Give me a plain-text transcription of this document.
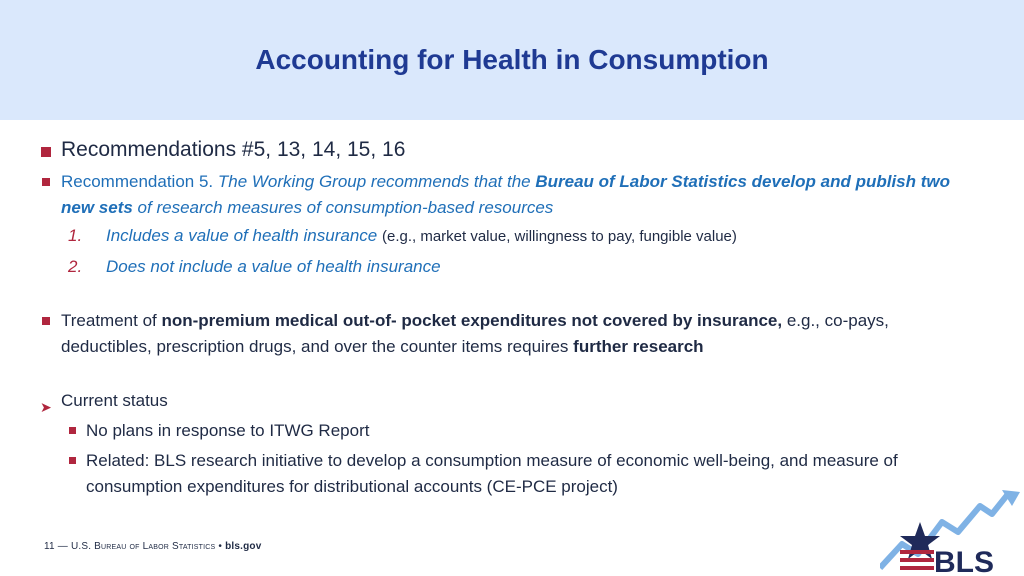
Accounting for Health in Consumption
Recommendations #5, 13, 14, 15, 16
Recommendation 5. The Working Group recommends that the Bureau of Labor Statistics develop and publish two new sets of research measures of consumption-based resources
1. Includes a value of health insurance (e.g., market value, willingness to pay, fungible value)
2. Does not include a value of health insurance
Treatment of non-premium medical out-of- pocket expenditures not covered by insurance, e.g., co-pays, deductibles, prescription drugs, and over the counter items requires further research
➤ Current status
No plans in response to ITWG Report
Related: BLS research initiative to develop a consumption measure of economic well-being, and measure of consumption expenditures for distributional accounts (CE-PCE project)
11 — U.S. Bureau of Labor Statistics • bls.gov	BLS
